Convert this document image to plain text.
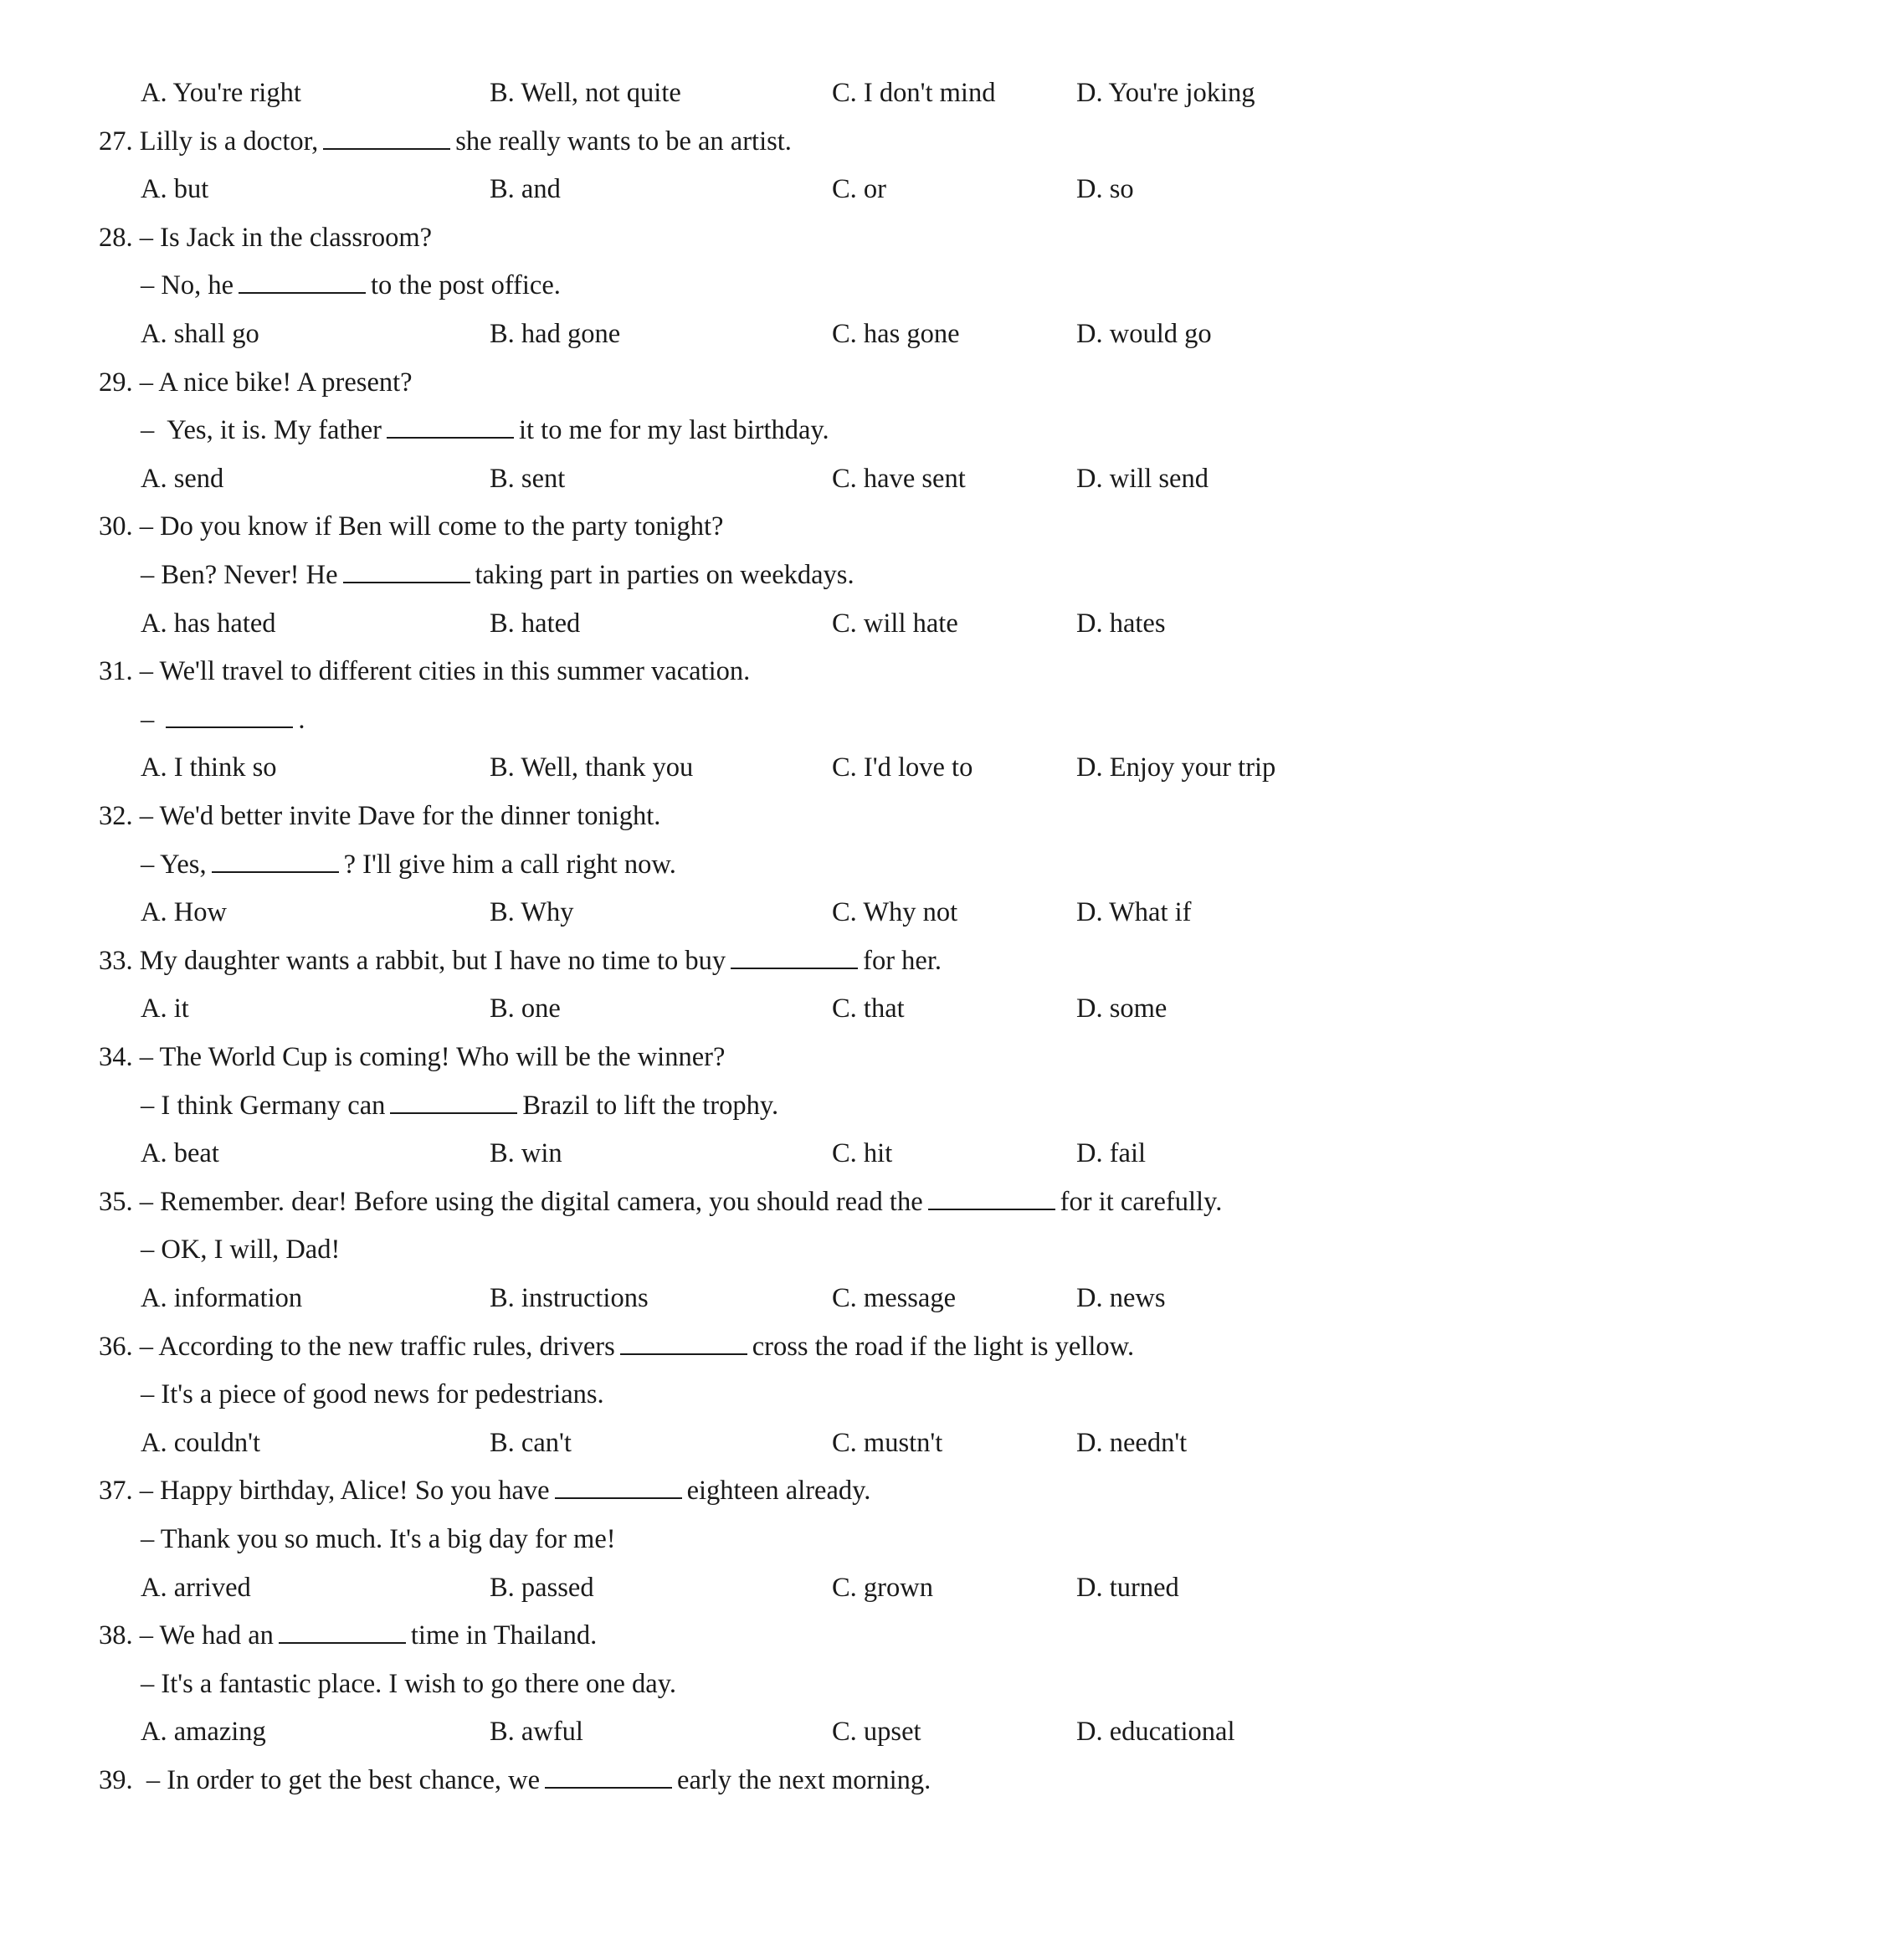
A. You're right	B. Well, not quite	C. I don't mind	D. You're joking
27. Lilly is a doctor,	she really wants to be an artist.
A. but	B. and	C. or	D. so
28. – Is Jack in the classroom?
– No, he	to the post office.
A. shall go	B. had gone	C. has gone	D. would go
29. – A nice bike! A present?
–  Yes, it is. My father	it to me for my last birthday.
A. send	B. sent	C. have sent	D. will send
30. – Do you know if Ben will come to the party tonight?
– Ben? Never! He	taking part in parties on weekdays.
A. has hated	B. hated	C. will hate	D. hates
31. – We'll travel to different cities in this summer vacation.
–	.
A. I think so	B. Well, thank you	C. I'd love to	D. Enjoy your trip
32. – We'd better invite Dave for the dinner tonight.
– Yes,	? I'll give him a call right now.
A. How	B. Why	C. Why not	D. What if
33. My daughter wants a rabbit, but I have no time to buy	for her.
A. it	B. one	C. that	D. some
34. – The World Cup is coming! Who will be the winner?
– I think Germany can	Brazil to lift the trophy.
A. beat	B. win	C. hit	D. fail
35. – Remember. dear! Before using the digital camera, you should read the	for it carefully.
– OK, I will, Dad!
A. information	B. instructions	C. message	D. news
36. – According to the new traffic rules, drivers	cross the road if the light is yellow.
– It's a piece of good news for pedestrians.
A. couldn't	B. can't	C. mustn't	D. needn't
37. – Happy birthday, Alice! So you have	eighteen already.
– Thank you so much. It's a big day for me!
A. arrived	B. passed	C. grown	D. turned
38. – We had an	time in Thailand.
– It's a fantastic place. I wish to go there one day.
A. amazing	B. awful	C. upset	D. educational
39.  – In order to get the best chance, we	early the next morning.
